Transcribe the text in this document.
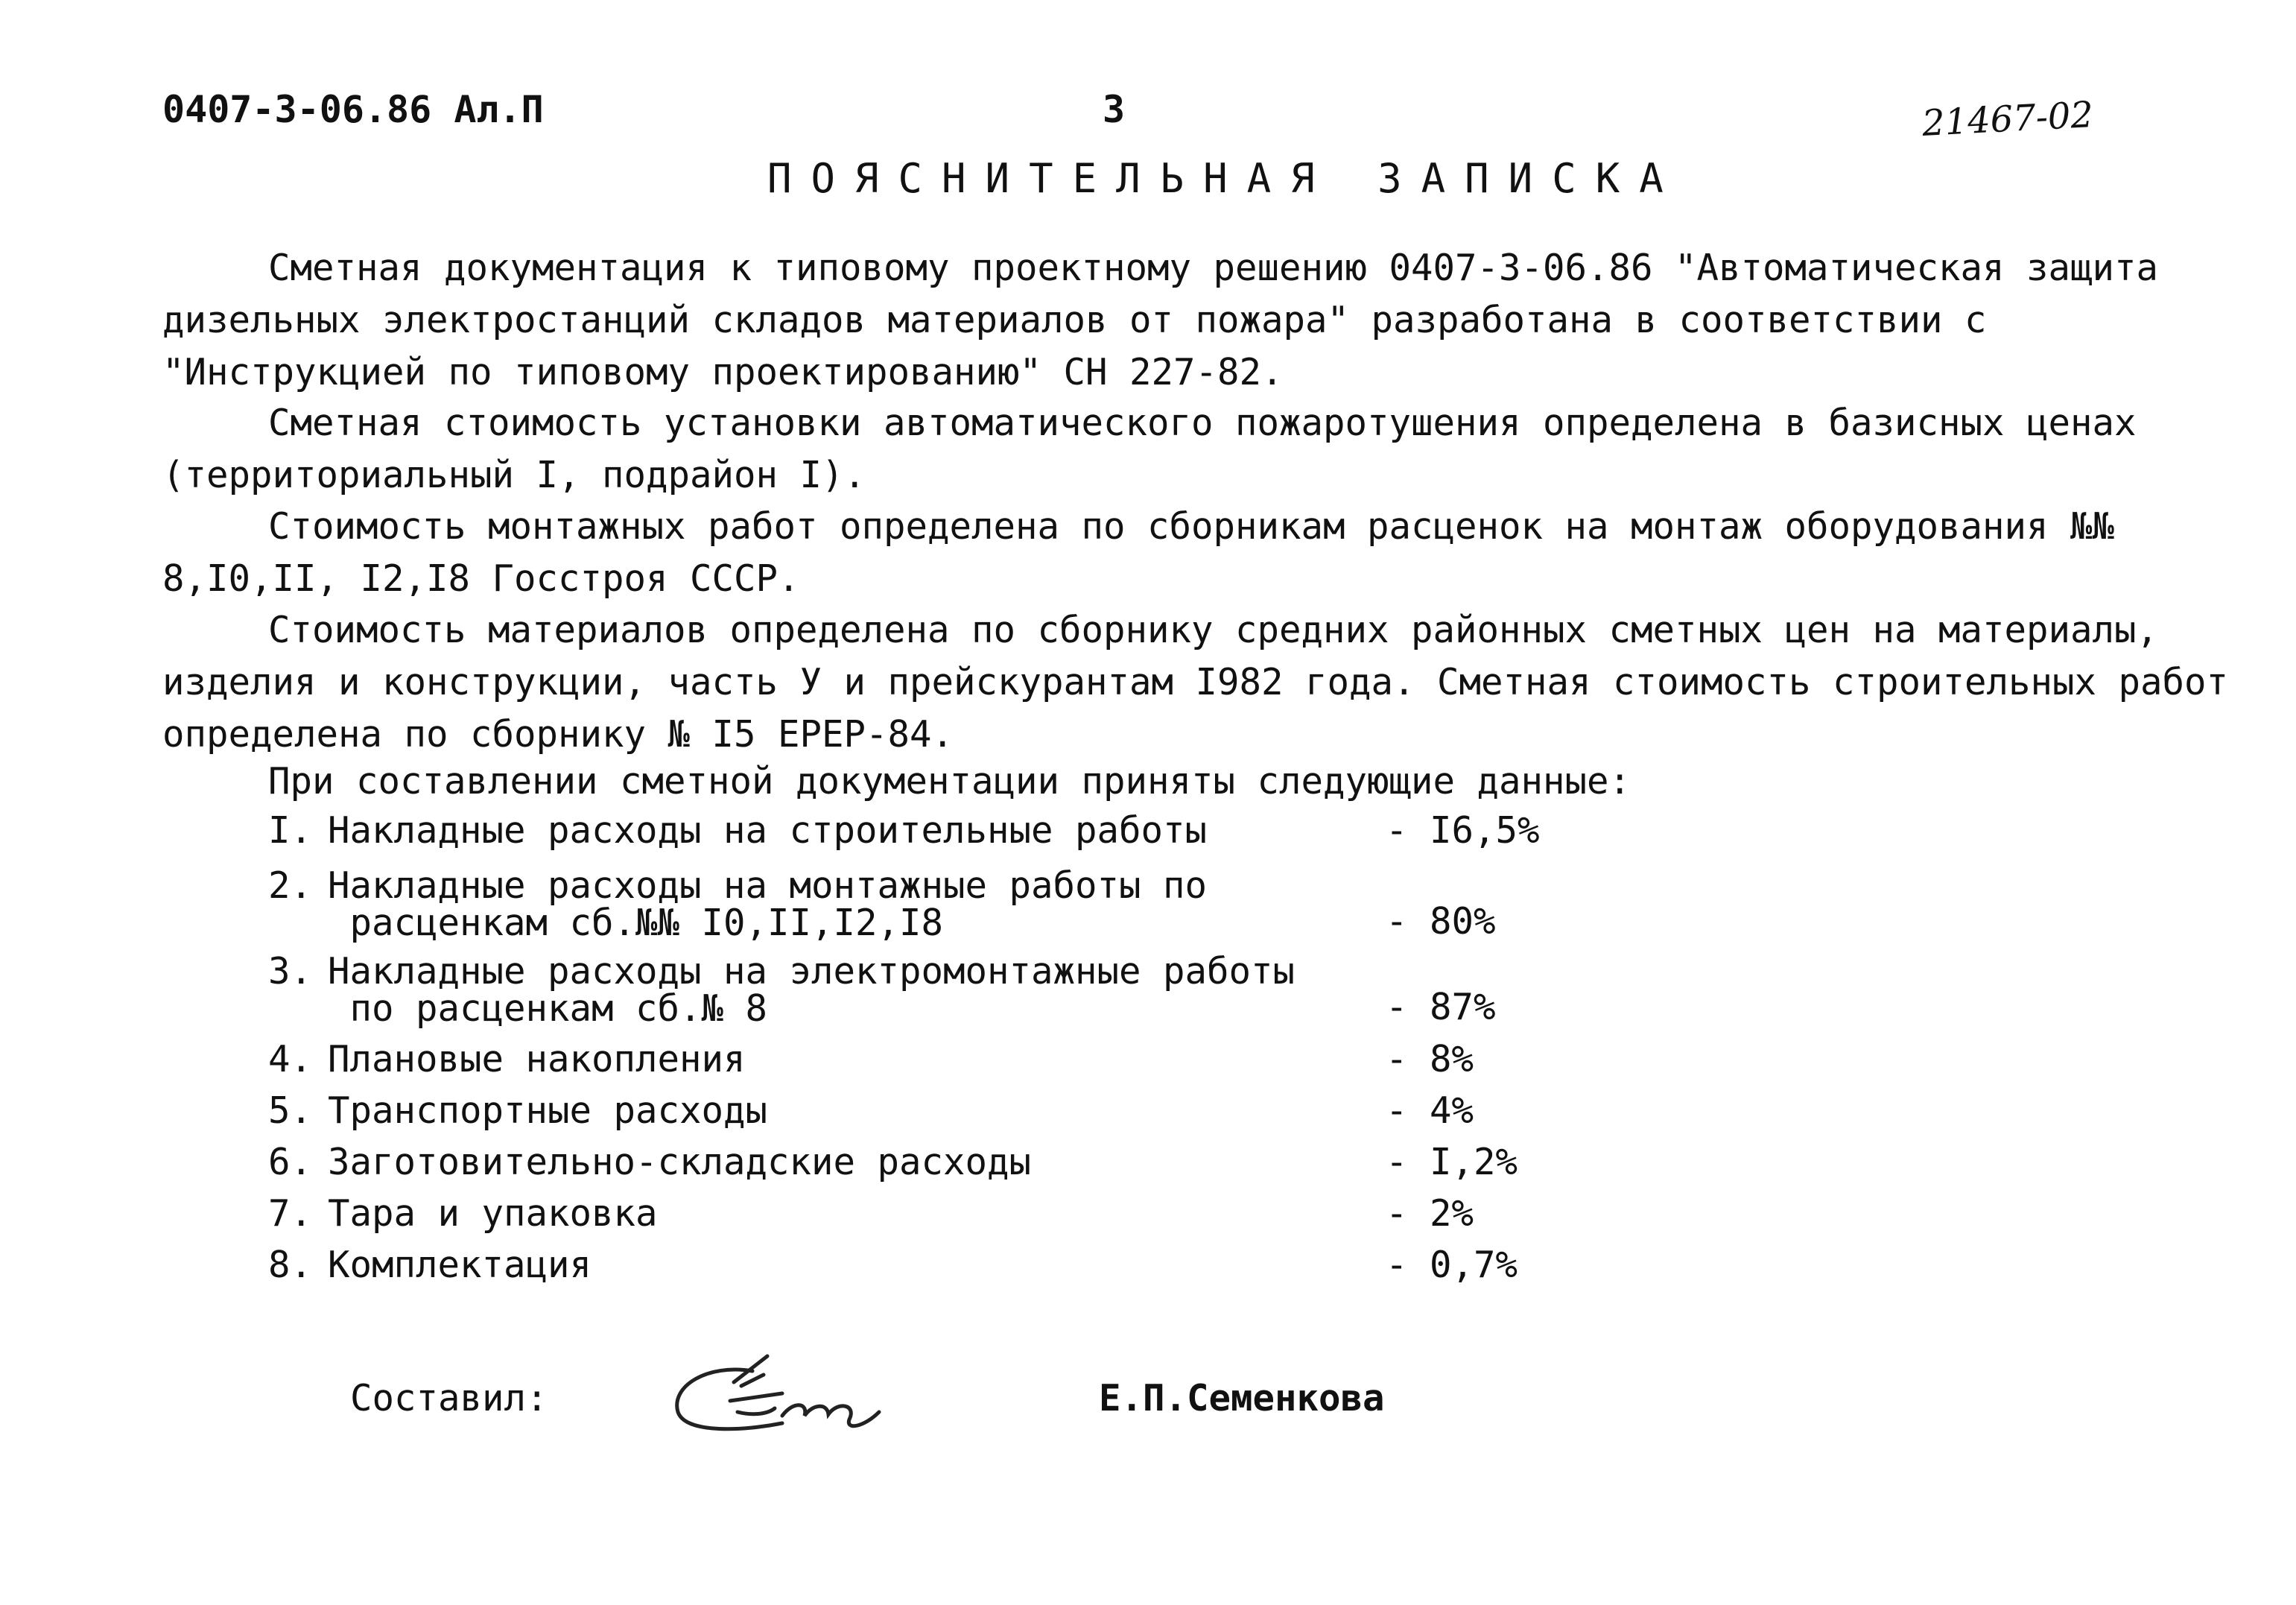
0407-3-06.86 Ал.П	3	21467-02
ПОЯСНИТЕЛЬНАЯ ЗАПИСКА
Сметная документация к типовому проектному решению 0407-3-06.86 "Автоматическая защита дизельных электростанций складов материалов от пожара" разработана в соответствии с "Инструкцией по типовому проектированию" СН 227-82.
Сметная стоимость установки автоматического пожаротушения определена в базисных ценах (территориальный I, подрайон I).
Стоимость монтажных работ определена по сборникам расценок на монтаж оборудования №№ 8,I0,II, I2,I8 Госстроя СССР.
Стоимость материалов определена по сборнику средних районных сметных цен на материалы, изделия и конструкции, часть У и прейскурантам I982 года. Сметная стоимость строительных работ определена по сборнику № I5 ЕРЕР-84.
При составлении сметной документации приняты следующие данные:
I. Накладные расходы на строительные работы	- I6,5%
2. Накладные расходы на монтажные работы по
расценкам сб.№№ I0,II,I2,I8	- 80%
3. Накладные расходы на электромонтажные работы
по расценкам сб.№ 8	- 87%
4. Плановые накопления	- 8%
5. Транспортные расходы	- 4%
6. Заготовительно-складские расходы	- I,2%
7. Тара и упаковка	- 2%
8. Комплектация	- 0,7%
Составил:	Е.П.Семенкова
